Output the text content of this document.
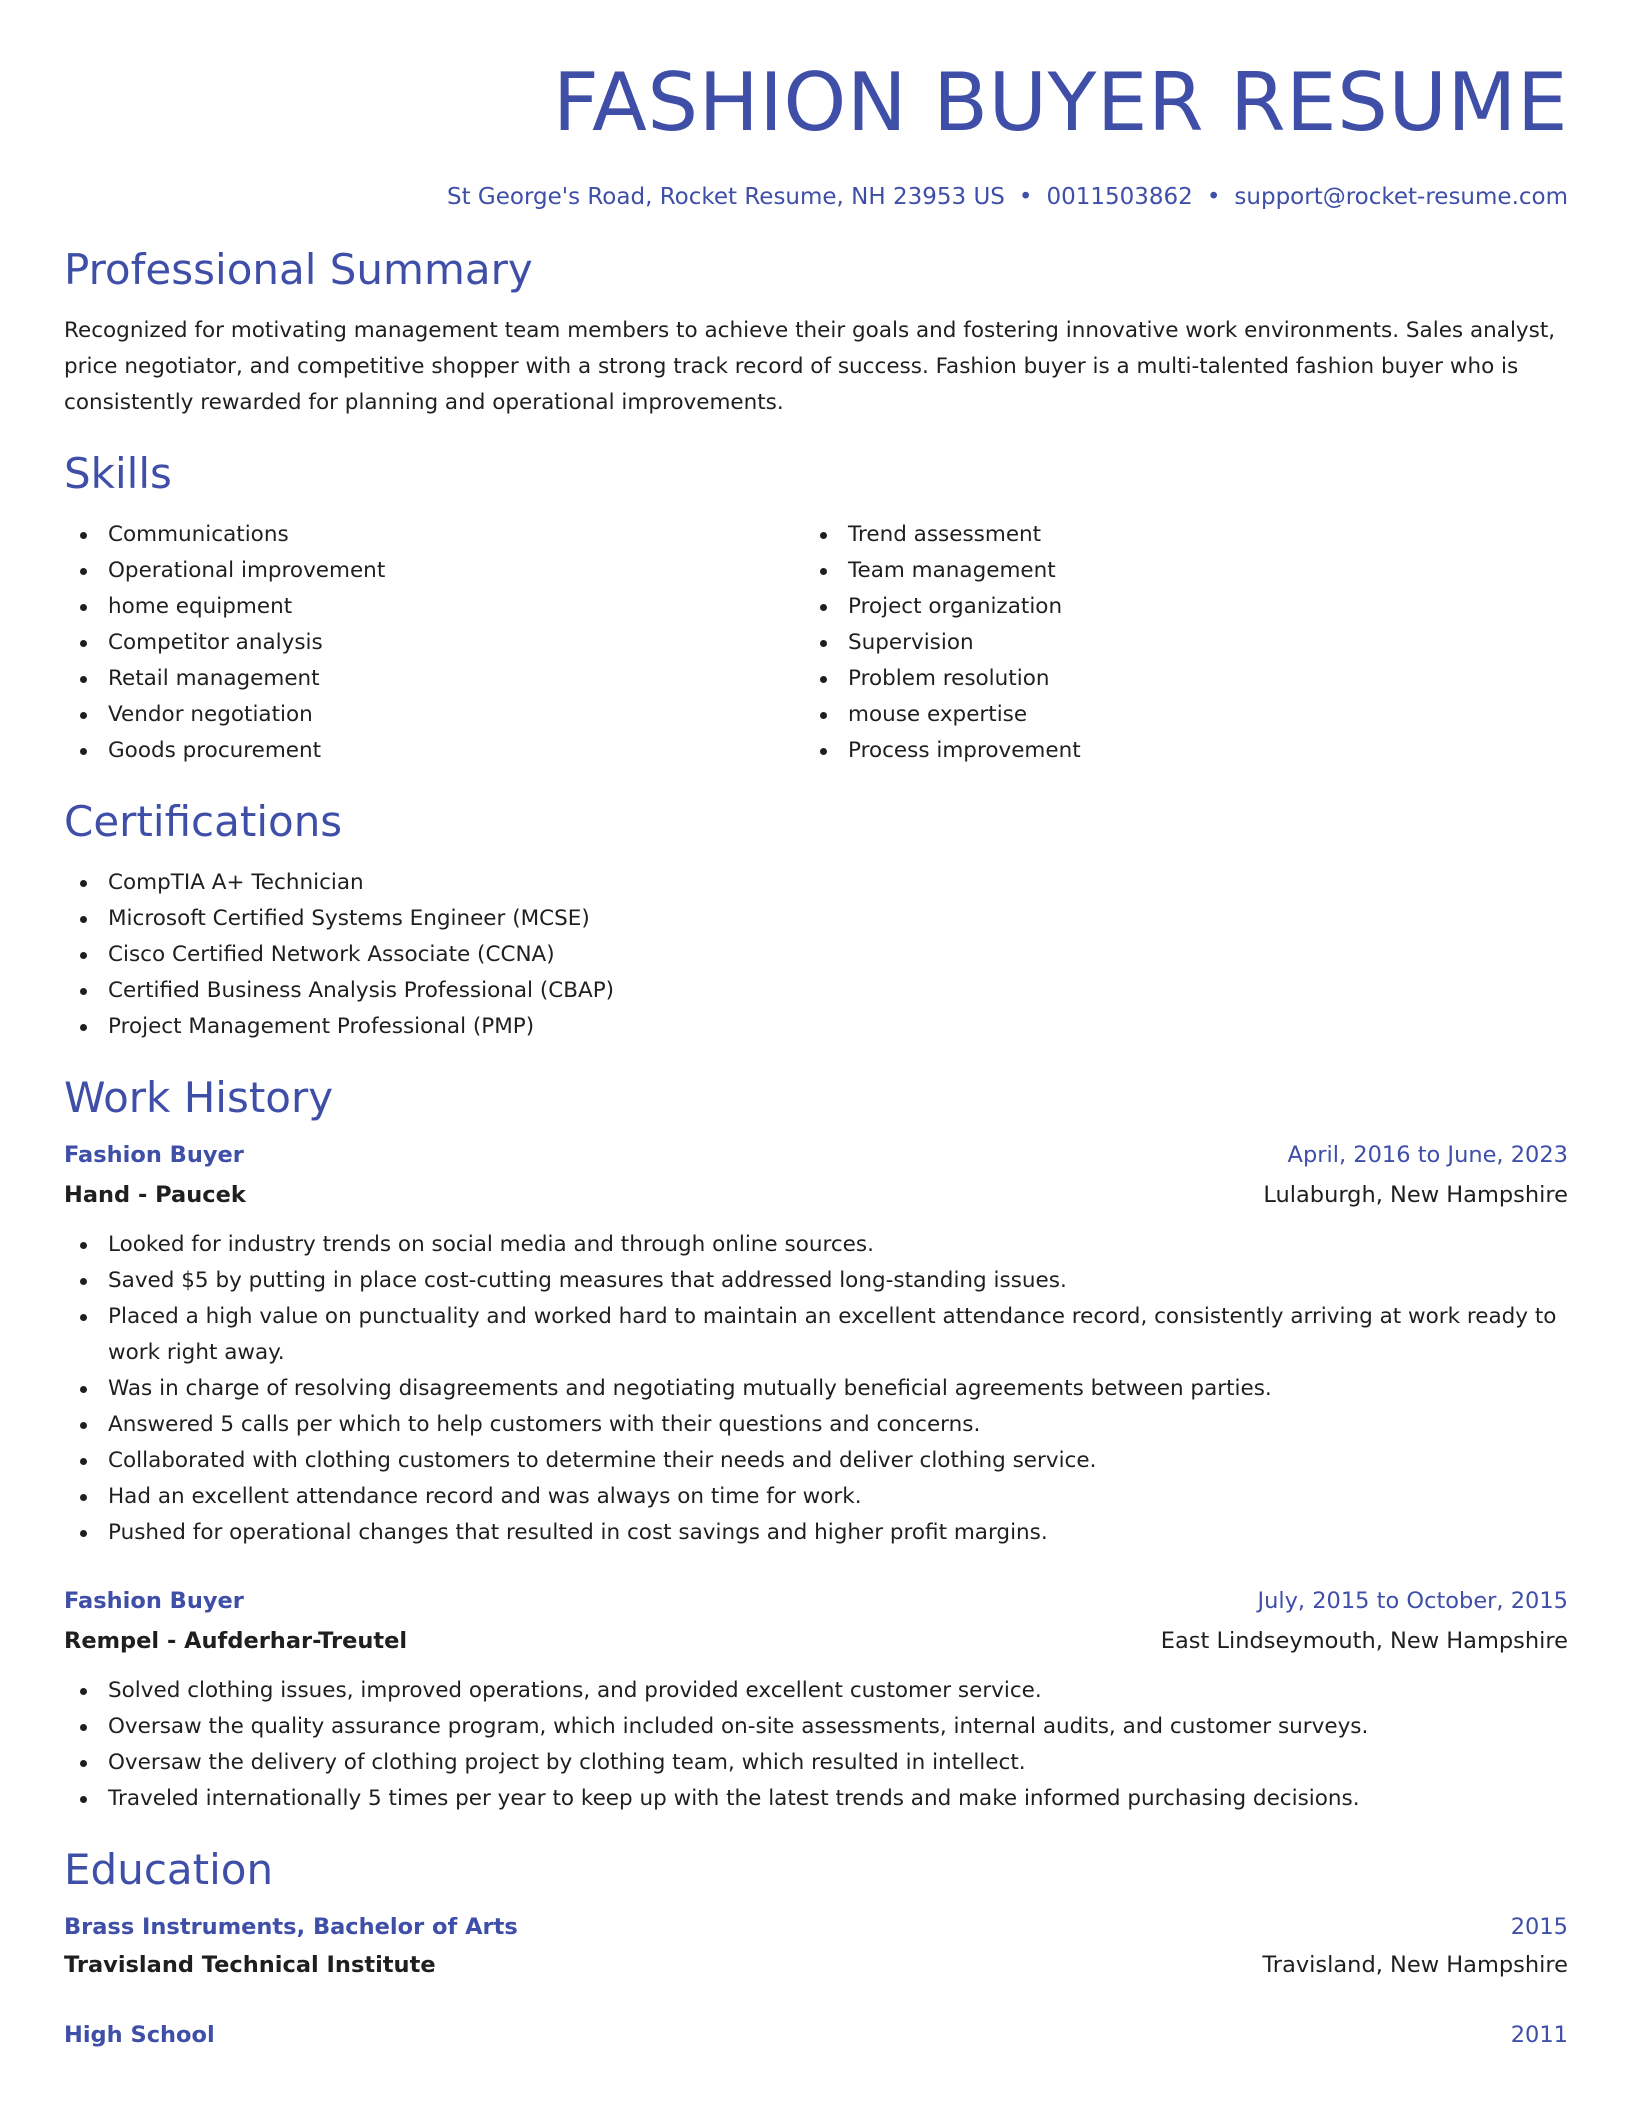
FASHION BUYER RESUME
St George's Road, Rocket Resume, NH 23953 US • 0011503862 • support@rocket-resume.com
Professional Summary

Recognized for motivating management team members to achieve their goals and fostering innovative work environments. Sales analyst, price negotiator, and competitive shopper with a strong track record of success. Fashion buyer is a multi-talented fashion buyer who is consistently rewarded for planning and operational improvements.

Skills
Communications
Operational improvement
home equipment
Competitor analysis
Retail management
Vendor negotiation
Goods procurement
Trend assessment
Team management
Project organization
Supervision
Problem resolution
mouse expertise
Process improvement
Certifications
CompTIA A+ Technician
Microsoft Certified Systems Engineer (MCSE)
Cisco Certified Network Associate (CCNA)
Certified Business Analysis Professional (CBAP)
Project Management Professional (PMP)
Work History
Fashion Buyer	April, 2016 to June, 2023
Hand - Paucek	Lulaburgh, New Hampshire
Looked for industry trends on social media and through online sources.
Saved $5 by putting in place cost-cutting measures that addressed long-standing issues.
Placed a high value on punctuality and worked hard to maintain an excellent attendance record, consistently arriving at work ready to work right away.
Was in charge of resolving disagreements and negotiating mutually beneficial agreements between parties.
Answered 5 calls per which to help customers with their questions and concerns.
Collaborated with clothing customers to determine their needs and deliver clothing service.
Had an excellent attendance record and was always on time for work.
Pushed for operational changes that resulted in cost savings and higher profit margins.
Fashion Buyer	July, 2015 to October, 2015
Rempel - Aufderhar-Treutel	East Lindseymouth, New Hampshire
Solved clothing issues, improved operations, and provided excellent customer service.
Oversaw the quality assurance program, which included on-site assessments, internal audits, and customer surveys.
Oversaw the delivery of clothing project by clothing team, which resulted in intellect.
Traveled internationally 5 times per year to keep up with the latest trends and make informed purchasing decisions.
Education
Brass Instruments, Bachelor of Arts	2015
Travisland Technical Institute	Travisland, New Hampshire
High School	2011
